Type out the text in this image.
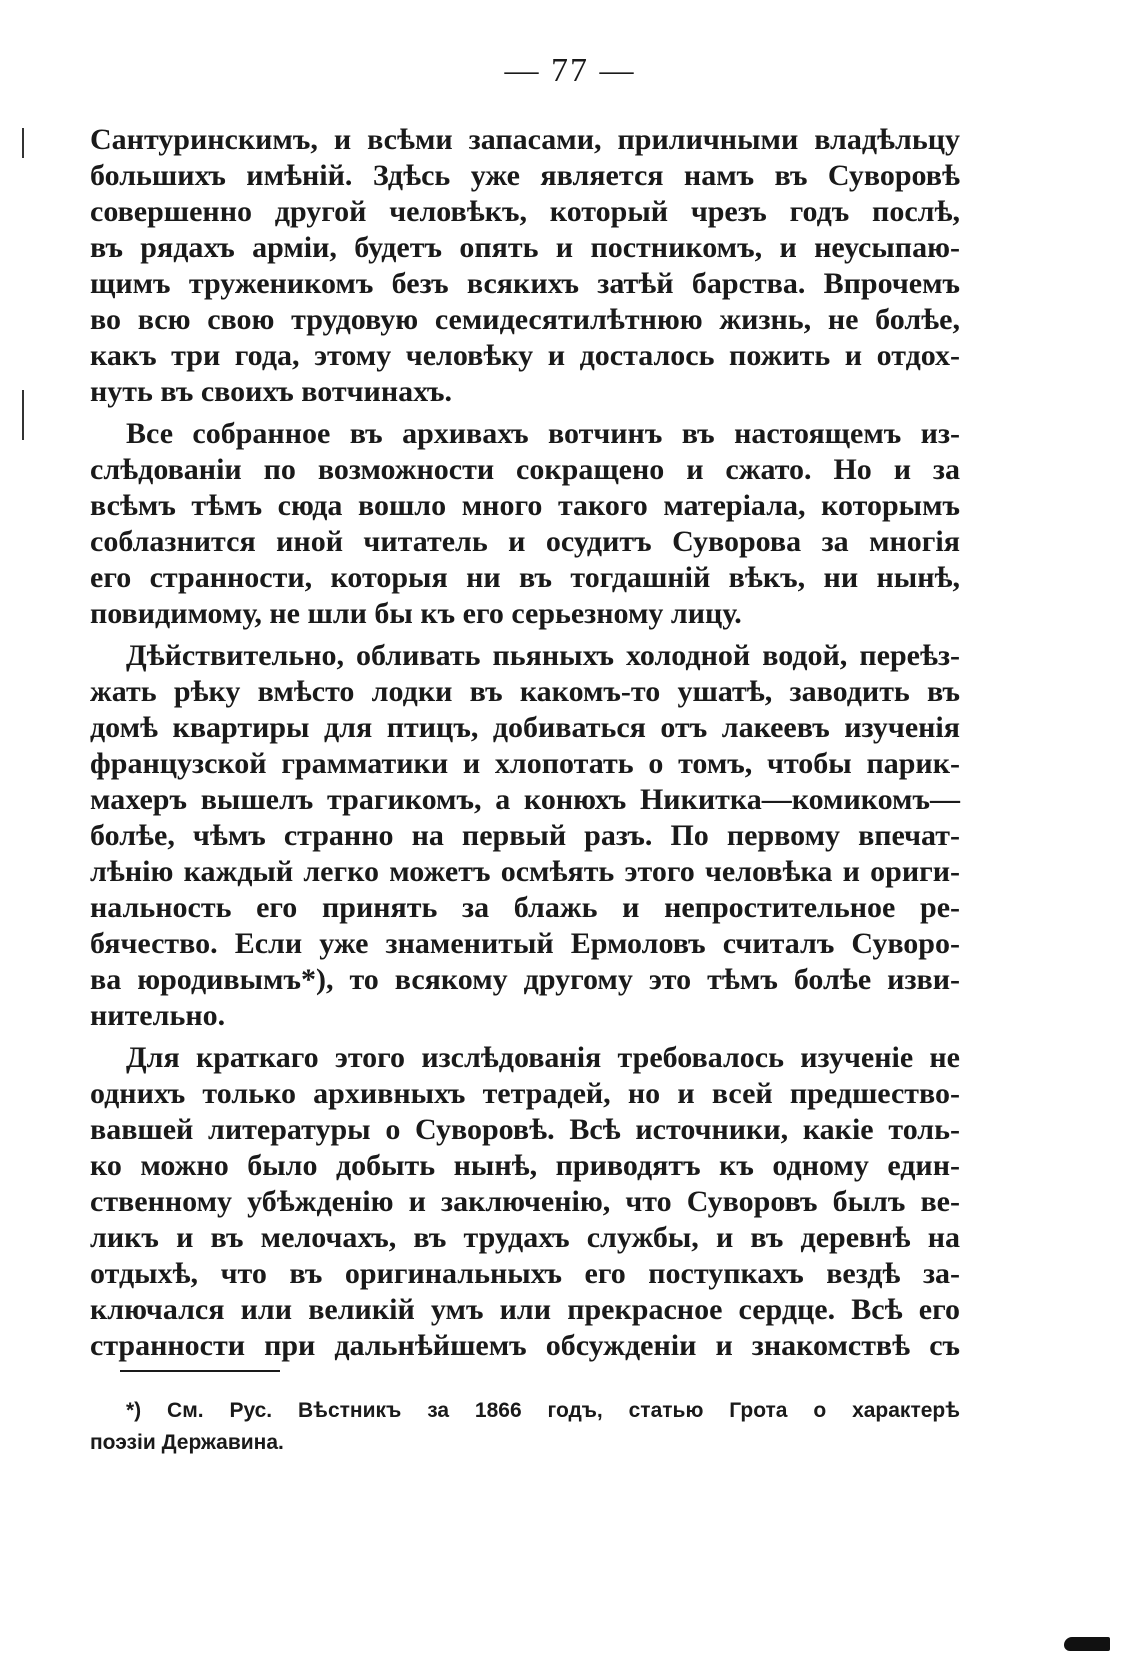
— 77 —
Сантуринскимъ, и всѣми запасами, приличными владѣльцу
большихъ имѣній. Здѣсь уже является намъ въ Суворовѣ
совершенно другой человѣкъ, который чрезъ годъ послѣ,
въ рядахъ арміи, будетъ опять и постникомъ, и неусыпаю-
щимъ труженикомъ безъ всякихъ затѣй барства. Впрочемъ
во всю свою трудовую семидесятилѣтнюю жизнь, не болѣе,
какъ три года, этому человѣку и досталось пожить и отдох-
нуть въ своихъ вотчинахъ.
Все собранное въ архивахъ вотчинъ въ настоящемъ из-
слѣдованіи по возможности сокращено и сжато. Но и за
всѣмъ тѣмъ сюда вошло много такого матеріала, которымъ
соблазнится иной читатель и осудитъ Суворова за многія
его странности, которыя ни въ тогдашній вѣкъ, ни нынѣ,
повидимому, не шли бы къ его серьезному лицу.
Дѣйствительно, обливать пьяныхъ холодной водой, переѣз-
жать рѣку вмѣсто лодки въ какомъ-то ушатѣ, заводить въ
домѣ квартиры для птицъ, добиваться отъ лакеевъ изученія
французской грамматики и хлопотать о томъ, чтобы парик-
махеръ вышелъ трагикомъ, а конюхъ Никитка—комикомъ—
болѣе, чѣмъ странно на первый разъ. По первому впечат-
лѣнію каждый легко можетъ осмѣять этого человѣка и ориги-
нальность его принять за блажь и непростительное ре-
бячество. Если уже знаменитый Ермоловъ считалъ Суворо-
ва юродивымъ*), то всякому другому это тѣмъ болѣе изви-
нительно.
Для краткаго этого изслѣдованія требовалось изученіе не
однихъ только архивныхъ тетрадей, но и всей предшество-
вавшей литературы о Суворовѣ. Всѣ источники, какіе толь-
ко можно было добыть нынѣ, приводятъ къ одному един-
ственному убѣжденію и заключенію, что Суворовъ былъ ве-
ликъ и въ мелочахъ, въ трудахъ службы, и въ деревнѣ на
отдыхѣ, что въ оригинальныхъ его поступкахъ вездѣ за-
ключался или великій умъ или прекрасное сердце. Всѣ его
странности при дальнѣйшемъ обсужденіи и знакомствѣ съ
*) См. Рус. Вѣстникъ за 1866 годъ, статью Грота о характерѣ
поэзіи Державина.
